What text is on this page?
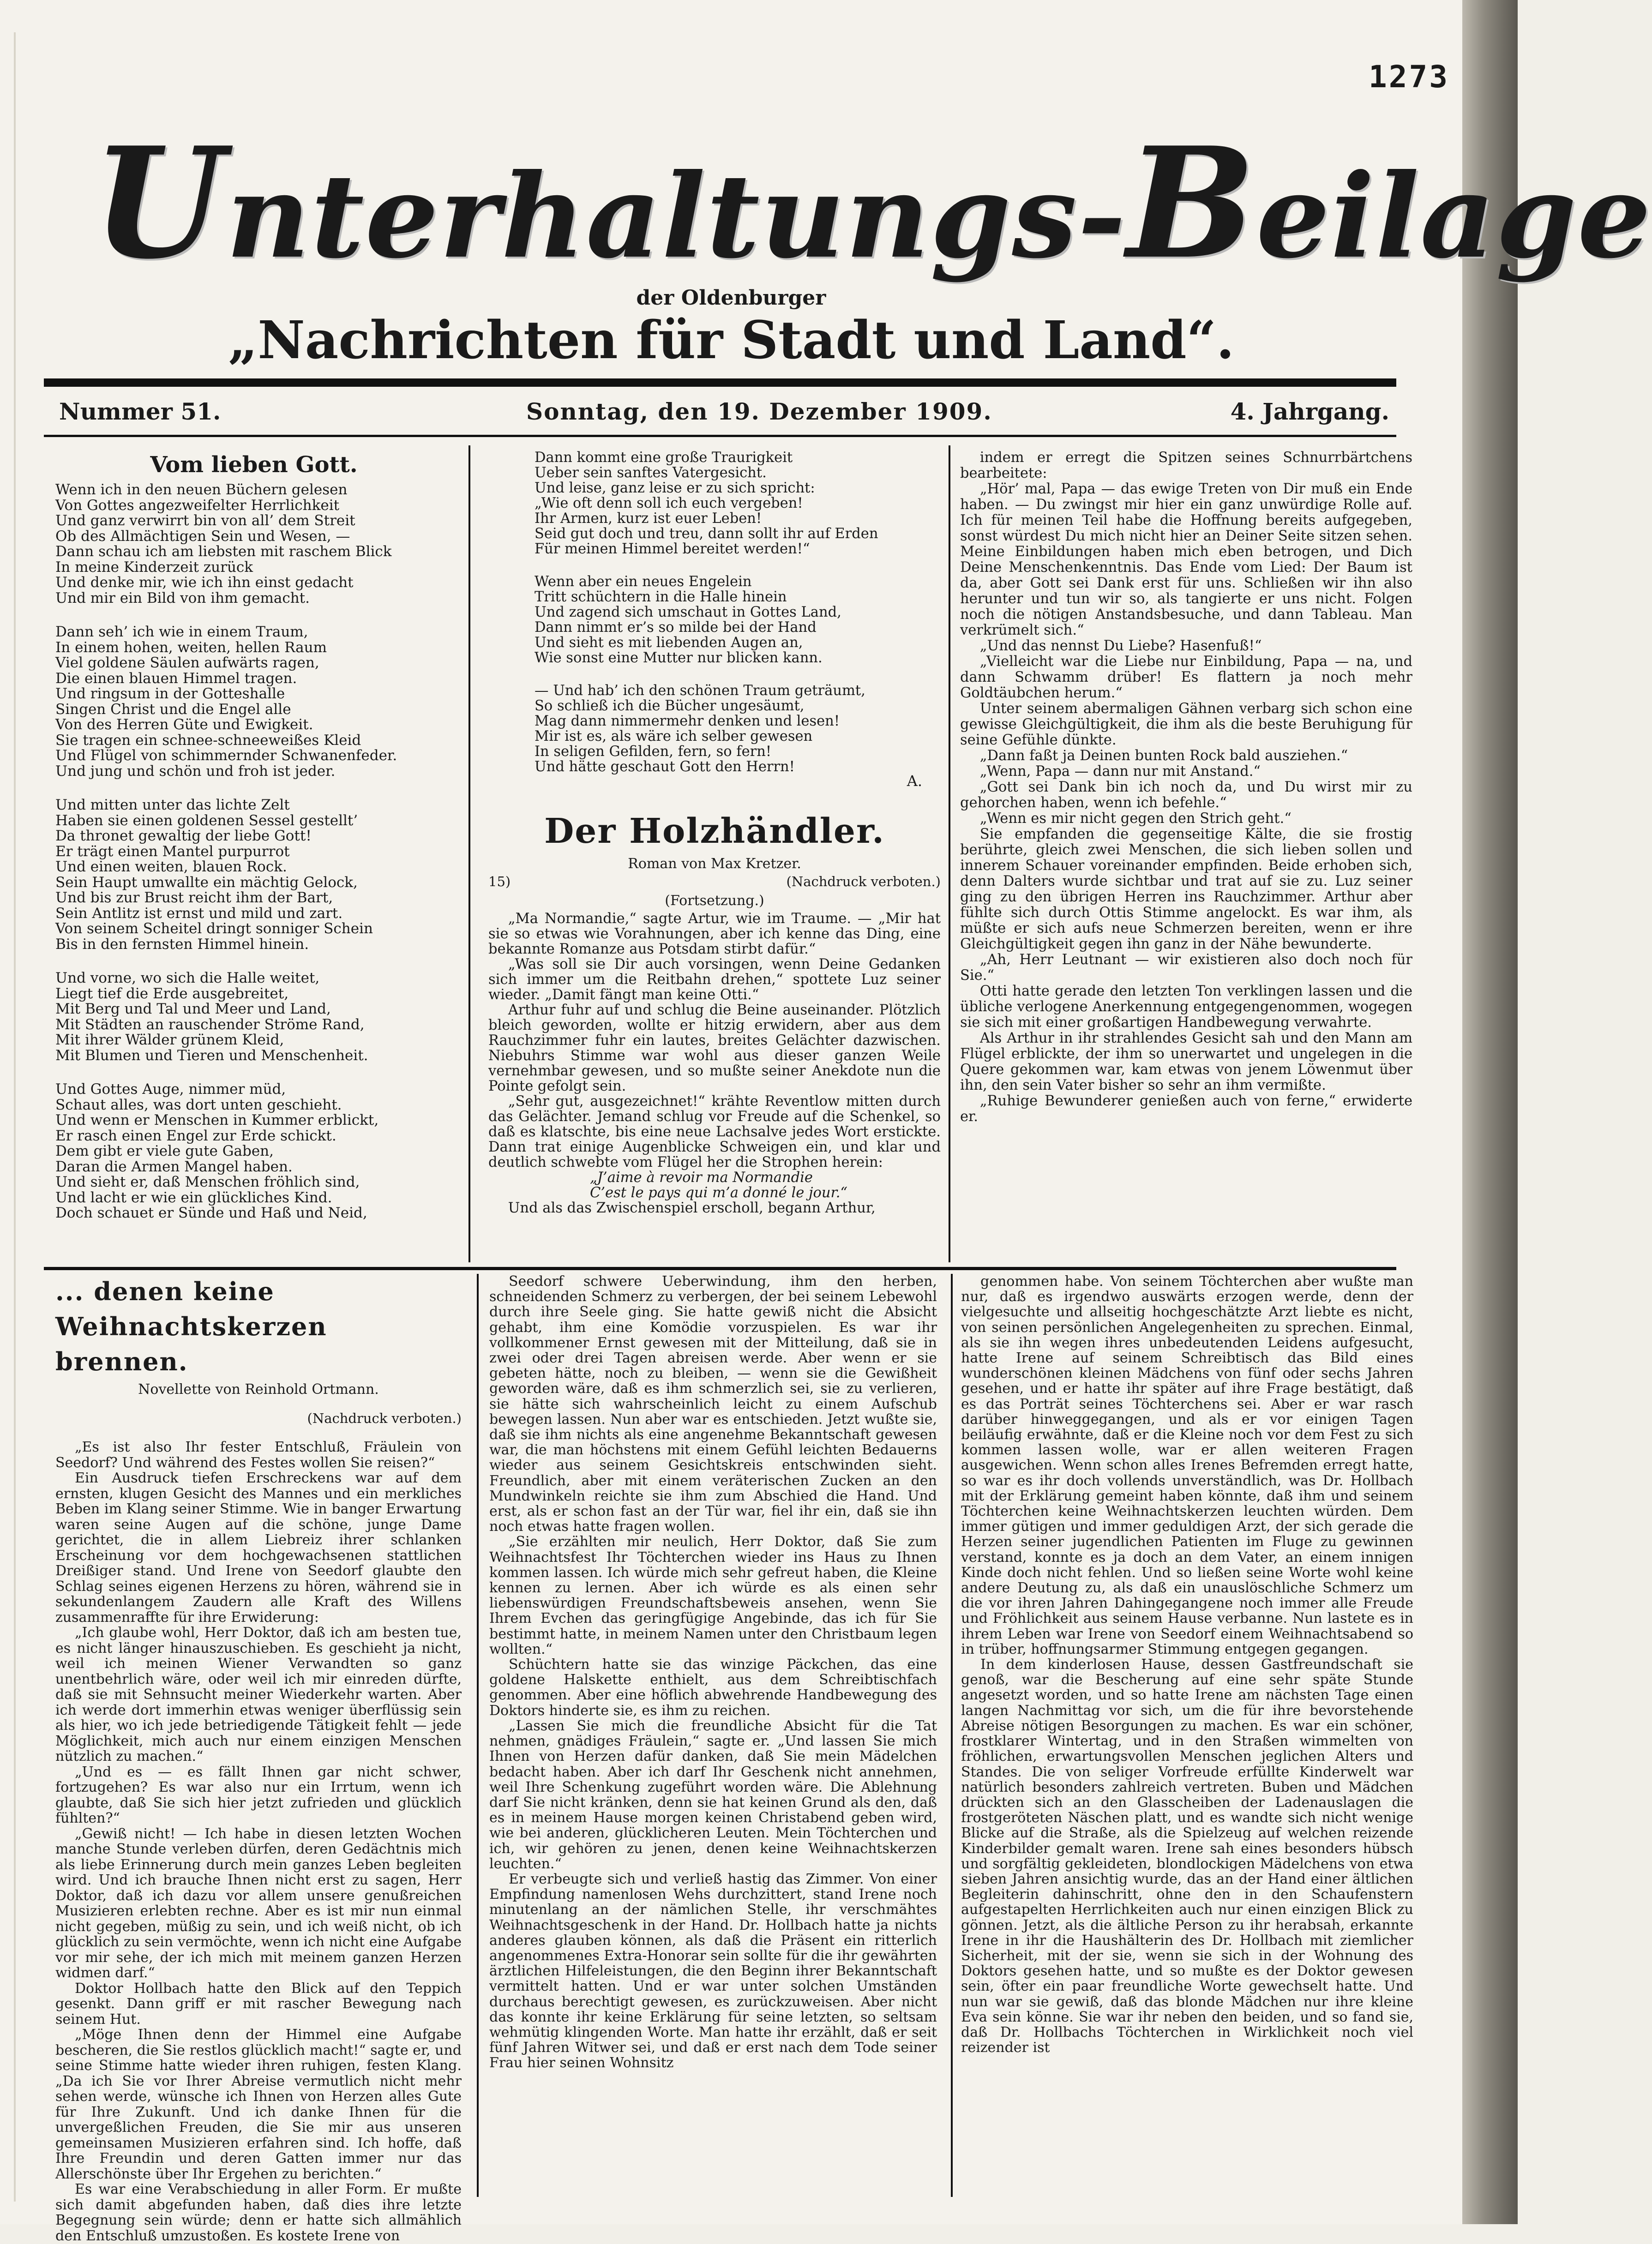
1273
Unterhaltungs-Beilage
der Oldenburger
„Nachrichten für Stadt und Land“.
Nummer 51.	Sonntag, den 19. Dezember 1909.	4. Jahrgang.

Vom lieben Gott.

Wenn ich in den neuen Büchern gelesen

Von Gottes angezweifelter Herrlichkeit

Und ganz verwirrt bin von all’ dem Streit

Ob des Allmächtigen Sein und Wesen, —

Dann schau ich am liebsten mit raschem Blick

In meine Kinderzeit zurück

Und denke mir, wie ich ihn einst gedacht

Und mir ein Bild von ihm gemacht.

Dann seh’ ich wie in einem Traum,

In einem hohen, weiten, hellen Raum

Viel goldene Säulen aufwärts ragen,

Die einen blauen Himmel tragen.

Und ringsum in der Gotteshalle

Singen Christ und die Engel alle

Von des Herren Güte und Ewigkeit.

Sie tragen ein schnee-schneeweißes Kleid

Und Flügel von schimmernder Schwanenfeder.

Und jung und schön und froh ist jeder.

Und mitten unter das lichte Zelt

Haben sie einen goldenen Sessel gestellt’

Da thronet gewaltig der liebe Gott!

Er trägt einen Mantel purpurrot

Und einen weiten, blauen Rock.

Sein Haupt umwallte ein mächtig Gelock,

Und bis zur Brust reicht ihm der Bart,

Sein Antlitz ist ernst und mild und zart.

Von seinem Scheitel dringt sonniger Schein

Bis in den fernsten Himmel hinein.

Und vorne, wo sich die Halle weitet,

Liegt tief die Erde ausgebreitet,

Mit Berg und Tal und Meer und Land,

Mit Städten an rauschender Ströme Rand,

Mit ihrer Wälder grünem Kleid,

Mit Blumen und Tieren und Menschenheit.

Und Gottes Auge, nimmer müd,

Schaut alles, was dort unten geschieht.

Und wenn er Menschen in Kummer erblickt,

Er rasch einen Engel zur Erde schickt.

Dem gibt er viele gute Gaben,

Daran die Armen Mangel haben.

Und sieht er, daß Menschen fröhlich sind,

Und lacht er wie ein glückliches Kind.

Doch schauet er Sünde und Haß und Neid,

Dann kommt eine große Traurigkeit

Ueber sein sanftes Vatergesicht.

Und leise, ganz leise er zu sich spricht:

„Wie oft denn soll ich euch vergeben!

Ihr Armen, kurz ist euer Leben!

Seid gut doch und treu, dann sollt ihr auf Erden

Für meinen Himmel bereitet werden!“

Wenn aber ein neues Engelein

Tritt schüchtern in die Halle hinein

Und zagend sich umschaut in Gottes Land,

Dann nimmt er’s so milde bei der Hand

Und sieht es mit liebenden Augen an,

Wie sonst eine Mutter nur blicken kann.

— Und hab’ ich den schönen Traum geträumt,

So schließ ich die Bücher ungesäumt,

Mag dann nimmermehr denken und lesen!

Mir ist es, als wäre ich selber gewesen

In seligen Gefilden, fern, so fern!

Und hätte geschaut Gott den Herrn!

A.

Der Holzhändler.

Roman von Max Kretzer.

15)	(Nachdruck verboten.)

(Fortsetzung.)

„Ma Normandie,“ sagte Artur, wie im Traume. — „Mir hat sie so etwas wie Vorahnungen, aber ich kenne das Ding, eine bekannte Romanze aus Potsdam stirbt dafür.“

„Was soll sie Dir auch vorsingen, wenn Deine Gedanken sich immer um die Reitbahn drehen,“ spottete Luz seiner wieder. „Damit fängt man keine Otti.“

Arthur fuhr auf und schlug die Beine auseinander. Plötzlich bleich geworden, wollte er hitzig erwidern, aber aus dem Rauchzimmer fuhr ein lautes, breites Gelächter dazwischen. Niebuhrs Stimme war wohl aus dieser ganzen Weile vernehmbar gewesen, und so mußte seiner Anekdote nun die Pointe gefolgt sein.

„Sehr gut, ausgezeichnet!“ krähte Reventlow mitten durch das Gelächter. Jemand schlug vor Freude auf die Schenkel, so daß es klatschte, bis eine neue Lachsalve jedes Wort erstickte. Dann trat einige Augenblicke Schweigen ein, und klar und deutlich schwebte vom Flügel her die Strophen herein:

„J’aime à revoir ma Normandie

C’est le pays qui m’a donné le jour.“

Und als das Zwischenspiel erscholl, begann Arthur,

indem er erregt die Spitzen seines Schnurrbärtchens bearbeitete:

„Hör’ mal, Papa — das ewige Treten von Dir muß ein Ende haben. — Du zwingst mir hier ein ganz unwürdige Rolle auf. Ich für meinen Teil habe die Hoffnung bereits aufgegeben, sonst würdest Du mich nicht hier an Deiner Seite sitzen sehen. Meine Einbildungen haben mich eben betrogen, und Dich Deine Menschenkenntnis. Das Ende vom Lied: Der Baum ist da, aber Gott sei Dank erst für uns. Schließen wir ihn also herunter und tun wir so, als tangierte er uns nicht. Folgen noch die nötigen Anstandsbesuche, und dann Tableau. Man verkrümelt sich.“

„Und das nennst Du Liebe? Hasenfuß!“

„Vielleicht war die Liebe nur Einbildung, Papa — na, und dann Schwamm drüber! Es flattern ja noch mehr Goldtäubchen herum.“

Unter seinem abermaligen Gähnen verbarg sich schon eine gewisse Gleichgültigkeit, die ihm als die beste Beruhigung für seine Gefühle dünkte.

„Dann faßt ja Deinen bunten Rock bald ausziehen.“

„Wenn, Papa — dann nur mit Anstand.“

„Gott sei Dank bin ich noch da, und Du wirst mir zu gehorchen haben, wenn ich befehle.“

„Wenn es mir nicht gegen den Strich geht.“

Sie empfanden die gegenseitige Kälte, die sie frostig berührte, gleich zwei Menschen, die sich lieben sollen und innerem Schauer voreinander empfinden. Beide erhoben sich, denn Dalters wurde sichtbar und trat auf sie zu. Luz seiner ging zu den übrigen Herren ins Rauchzimmer. Arthur aber fühlte sich durch Ottis Stimme angelockt. Es war ihm, als müßte er sich aufs neue Schmerzen bereiten, wenn er ihre Gleichgültigkeit gegen ihn ganz in der Nähe bewunderte.

„Ah, Herr Leutnant — wir existieren also doch noch für Sie.“

Otti hatte gerade den letzten Ton verklingen lassen und die übliche verlogene Anerkennung entgegengenommen, wogegen sie sich mit einer großartigen Handbewegung verwahrte.

Als Arthur in ihr strahlendes Gesicht sah und den Mann am Flügel erblickte, der ihm so unerwartet und ungelegen in die Quere gekommen war, kam etwas von jenem Löwenmut über ihn, den sein Vater bisher so sehr an ihm vermißte.

„Ruhige Bewunderer genießen auch von ferne,“ erwiderte er.

... denen keine Weihnachtskerzen brennen.

Novellette von Reinhold Ortmann.

(Nachdruck verboten.)

„Es ist also Ihr fester Entschluß, Fräulein von Seedorf? Und während des Festes wollen Sie reisen?“

Ein Ausdruck tiefen Erschreckens war auf dem ernsten, klugen Gesicht des Mannes und ein merkliches Beben im Klang seiner Stimme. Wie in banger Erwartung waren seine Augen auf die schöne, junge Dame gerichtet, die in allem Liebreiz ihrer schlanken Erscheinung vor dem hochgewachsenen stattlichen Dreißiger stand. Und Irene von Seedorf glaubte den Schlag seines eigenen Herzens zu hören, während sie in sekundenlangem Zaudern alle Kraft des Willens zusammenraffte für ihre Erwiderung:

„Ich glaube wohl, Herr Doktor, daß ich am besten tue, es nicht länger hinauszuschieben. Es geschieht ja nicht, weil ich meinen Wiener Verwandten so ganz unentbehrlich wäre, oder weil ich mir einreden dürfte, daß sie mit Sehnsucht meiner Wiederkehr warten. Aber ich werde dort immerhin etwas weniger überflüssig sein als hier, wo ich jede betriedigende Tätigkeit fehlt — jede Möglichkeit, mich auch nur einem einzigen Menschen nützlich zu machen.“

„Und es — es fällt Ihnen gar nicht schwer, fortzugehen? Es war also nur ein Irrtum, wenn ich glaubte, daß Sie sich hier jetzt zufrieden und glücklich fühlten?“

„Gewiß nicht! — Ich habe in diesen letzten Wochen manche Stunde verleben dürfen, deren Gedächtnis mich als liebe Erinnerung durch mein ganzes Leben begleiten wird. Und ich brauche Ihnen nicht erst zu sagen, Herr Doktor, daß ich dazu vor allem unsere genußreichen Musizieren erlebten rechne. Aber es ist mir nun einmal nicht gegeben, müßig zu sein, und ich weiß nicht, ob ich glücklich zu sein vermöchte, wenn ich nicht eine Aufgabe vor mir sehe, der ich mich mit meinem ganzen Herzen widmen darf.“

Doktor Hollbach hatte den Blick auf den Teppich gesenkt. Dann griff er mit rascher Bewegung nach seinem Hut.

„Möge Ihnen denn der Himmel eine Aufgabe bescheren, die Sie restlos glücklich macht!“ sagte er, und seine Stimme hatte wieder ihren ruhigen, festen Klang. „Da ich Sie vor Ihrer Abreise vermutlich nicht mehr sehen werde, wünsche ich Ihnen von Herzen alles Gute für Ihre Zukunft. Und ich danke Ihnen für die unvergeßlichen Freuden, die Sie mir aus unseren gemeinsamen Musizieren erfahren sind. Ich hoffe, daß Ihre Freundin und deren Gatten immer nur das Allerschönste über Ihr Ergehen zu berichten.“

Es war eine Verabschiedung in aller Form. Er mußte sich damit abgefunden haben, daß dies ihre letzte Begegnung sein würde; denn er hatte sich allmählich den Entschluß umzustoßen. Es kostete Irene von

Seedorf schwere Ueberwindung, ihm den herben, schneidenden Schmerz zu verbergen, der bei seinem Lebewohl durch ihre Seele ging. Sie hatte gewiß nicht die Absicht gehabt, ihm eine Komödie vorzuspielen. Es war ihr vollkommener Ernst gewesen mit der Mitteilung, daß sie in zwei oder drei Tagen abreisen werde. Aber wenn er sie gebeten hätte, noch zu bleiben, — wenn sie die Gewißheit geworden wäre, daß es ihm schmerzlich sei, sie zu verlieren, sie hätte sich wahrscheinlich leicht zu einem Aufschub bewegen lassen. Nun aber war es entschieden. Jetzt wußte sie, daß sie ihm nichts als eine angenehme Bekanntschaft gewesen war, die man höchstens mit einem Gefühl leichten Bedauerns wieder aus seinem Gesichtskreis entschwinden sieht. Freundlich, aber mit einem veräterischen Zucken an den Mundwinkeln reichte sie ihm zum Abschied die Hand. Und erst, als er schon fast an der Tür war, fiel ihr ein, daß sie ihn noch etwas hatte fragen wollen.

„Sie erzählten mir neulich, Herr Doktor, daß Sie zum Weihnachtsfest Ihr Töchterchen wieder ins Haus zu Ihnen kommen lassen. Ich würde mich sehr gefreut haben, die Kleine kennen zu lernen. Aber ich würde es als einen sehr liebenswürdigen Freundschaftsbeweis ansehen, wenn Sie Ihrem Evchen das geringfügige Angebinde, das ich für Sie bestimmt hatte, in meinem Namen unter den Christbaum legen wollten.“

Schüchtern hatte sie das winzige Päckchen, das eine goldene Halskette enthielt, aus dem Schreibtischfach genommen. Aber eine höflich abwehrende Handbewegung des Doktors hinderte sie, es ihm zu reichen.

„Lassen Sie mich die freundliche Absicht für die Tat nehmen, gnädiges Fräulein,“ sagte er. „Und lassen Sie mich Ihnen von Herzen dafür danken, daß Sie mein Mädelchen bedacht haben. Aber ich darf Ihr Geschenk nicht annehmen, weil Ihre Schenkung zugeführt worden wäre. Die Ablehnung darf Sie nicht kränken, denn sie hat keinen Grund als den, daß es in meinem Hause morgen keinen Christabend geben wird, wie bei anderen, glücklicheren Leuten. Mein Töchterchen und ich, wir gehören zu jenen, denen keine Weihnachtskerzen leuchten.“

Er verbeugte sich und verließ hastig das Zimmer. Von einer Empfindung namenlosen Wehs durchzittert, stand Irene noch minutenlang an der nämlichen Stelle, ihr verschmähtes Weihnachtsgeschenk in der Hand. Dr. Hollbach hatte ja nichts anderes glauben können, als daß die Präsent ein ritterlich angenommenes Extra-Honorar sein sollte für die ihr gewährten ärztlichen Hilfeleistungen, die den Beginn ihrer Bekanntschaft vermittelt hatten. Und er war unter solchen Umständen durchaus berechtigt gewesen, es zurückzuweisen. Aber nicht das konnte ihr keine Erklärung für seine letzten, so seltsam wehmütig klingenden Worte. Man hatte ihr erzählt, daß er seit fünf Jahren Witwer sei, und daß er erst nach dem Tode seiner Frau hier seinen Wohnsitz

genommen habe. Von seinem Töchterchen aber wußte man nur, daß es irgendwo auswärts erzogen werde, denn der vielgesuchte und allseitig hochgeschätzte Arzt liebte es nicht, von seinen persönlichen Angelegenheiten zu sprechen. Einmal, als sie ihn wegen ihres unbedeutenden Leidens aufgesucht, hatte Irene auf seinem Schreibtisch das Bild eines wunderschönen kleinen Mädchens von fünf oder sechs Jahren gesehen, und er hatte ihr später auf ihre Frage bestätigt, daß es das Porträt seines Töchterchens sei. Aber er war rasch darüber hinweggegangen, und als er vor einigen Tagen beiläufig erwähnte, daß er die Kleine noch vor dem Fest zu sich kommen lassen wolle, war er allen weiteren Fragen ausgewichen. Wenn schon alles Irenes Befremden erregt hatte, so war es ihr doch vollends unverständlich, was Dr. Hollbach mit der Erklärung gemeint haben könnte, daß ihm und seinem Töchterchen keine Weihnachtskerzen leuchten würden. Dem immer gütigen und immer geduldigen Arzt, der sich gerade die Herzen seiner jugendlichen Patienten im Fluge zu gewinnen verstand, konnte es ja doch an dem Vater, an einem innigen Kinde doch nicht fehlen. Und so ließen seine Worte wohl keine andere Deutung zu, als daß ein unauslöschliche Schmerz um die vor ihren Jahren Dahingegangene noch immer alle Freude und Fröhlichkeit aus seinem Hause verbanne. Nun lastete es in ihrem Leben war Irene von Seedorf einem Weihnachtsabend so in trüber, hoffnungsarmer Stimmung entgegen gegangen.

In dem kinderlosen Hause, dessen Gastfreundschaft sie genoß, war die Bescherung auf eine sehr späte Stunde angesetzt worden, und so hatte Irene am nächsten Tage einen langen Nachmittag vor sich, um die für ihre bevorstehende Abreise nötigen Besorgungen zu machen. Es war ein schöner, frostklarer Wintertag, und in den Straßen wimmelten von fröhlichen, erwartungsvollen Menschen jeglichen Alters und Standes. Die von seliger Vorfreude erfüllte Kinderwelt war natürlich besonders zahlreich vertreten. Buben und Mädchen drückten sich an den Glasscheiben der Ladenauslagen die frostgeröteten Näschen platt, und es wandte sich nicht wenige Blicke auf die Straße, als die Spielzeug auf welchen reizende Kinderbilder gemalt waren. Irene sah eines besonders hübsch und sorgfältig gekleideten, blondlockigen Mädelchens von etwa sieben Jahren ansichtig wurde, das an der Hand einer ältlichen Begleiterin dahinschritt, ohne den in den Schaufenstern aufgestapelten Herrlichkeiten auch nur einen einzigen Blick zu gönnen. Jetzt, als die ältliche Person zu ihr herabsah, erkannte Irene in ihr die Haushälterin des Dr. Hollbach mit ziemlicher Sicherheit, mit der sie, wenn sie sich in der Wohnung des Doktors gesehen hatte, und so mußte es der Doktor gewesen sein, öfter ein paar freundliche Worte gewechselt hatte. Und nun war sie gewiß, daß das blonde Mädchen nur ihre kleine Eva sein könne. Sie war ihr neben den beiden, und so fand sie, daß Dr. Hollbachs Töchterchen in Wirklichkeit noch viel reizender ist
